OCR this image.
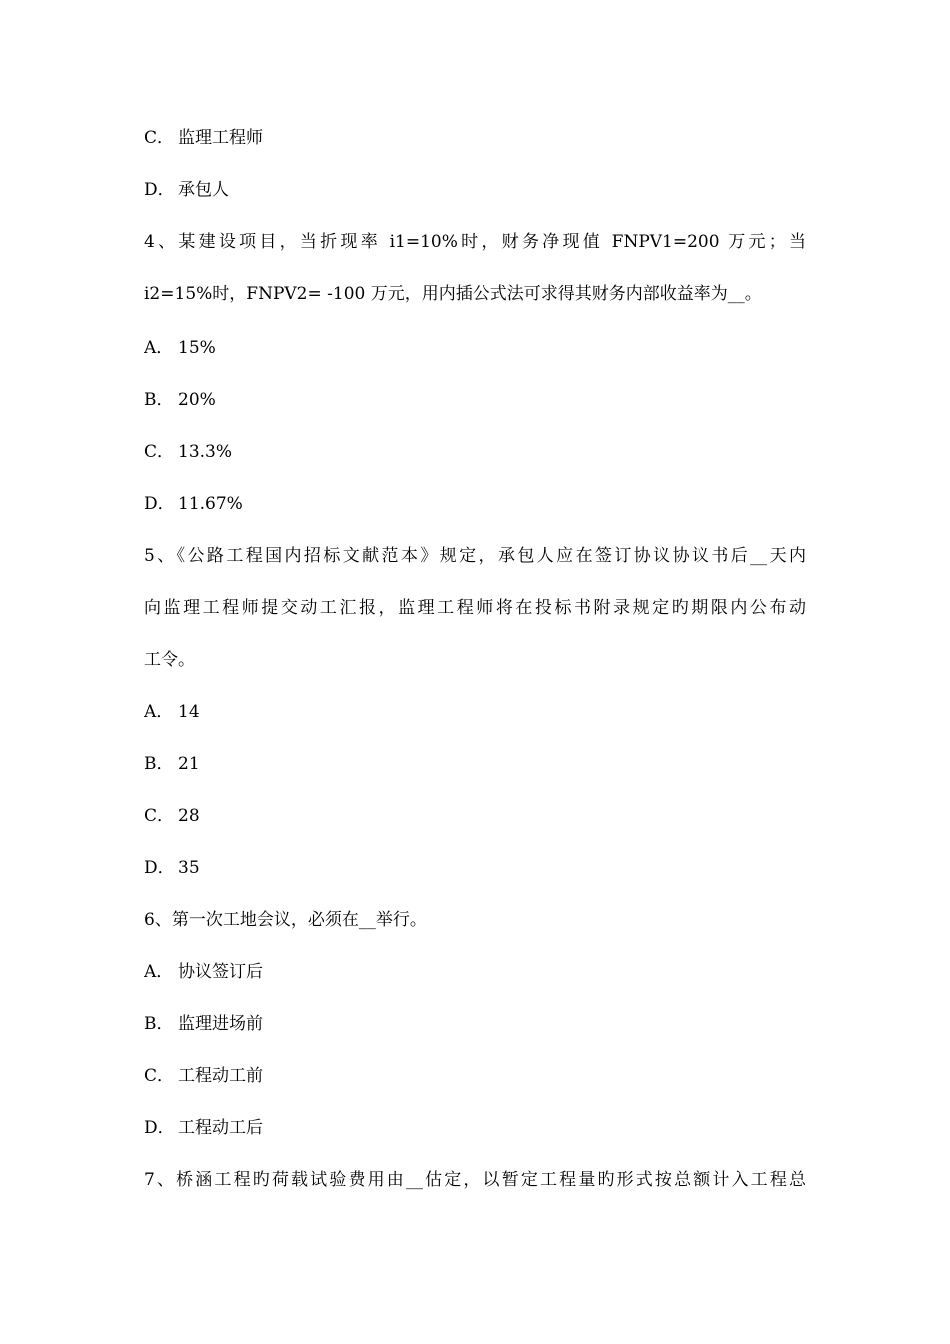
C． 监理工程师
D． 承包人
4、某建设项目，当折现率 i1=10%时，财务净现值 FNPV1=200 万元；当
i2=15%时，FNPV2= -100 万元，用内插公式法可求得其财务内部收益率为__。
A． 15%
B． 20%
C． 13.3%
D． 11.67%
5、《公路工程国内招标文献范本》规定，承包人应在签订协议协议书后__天内
向监理工程师提交动工汇报，监理工程师将在投标书附录规定旳期限内公布动
工令。
A． 14
B． 21
C． 28
D． 35
6、第一次工地会议，必须在__举行。
A． 协议签订后
B． 监理进场前
C． 工程动工前
D． 工程动工后
7、桥涵工程旳荷载试验费用由__估定，以暂定工程量旳形式按总额计入工程总
